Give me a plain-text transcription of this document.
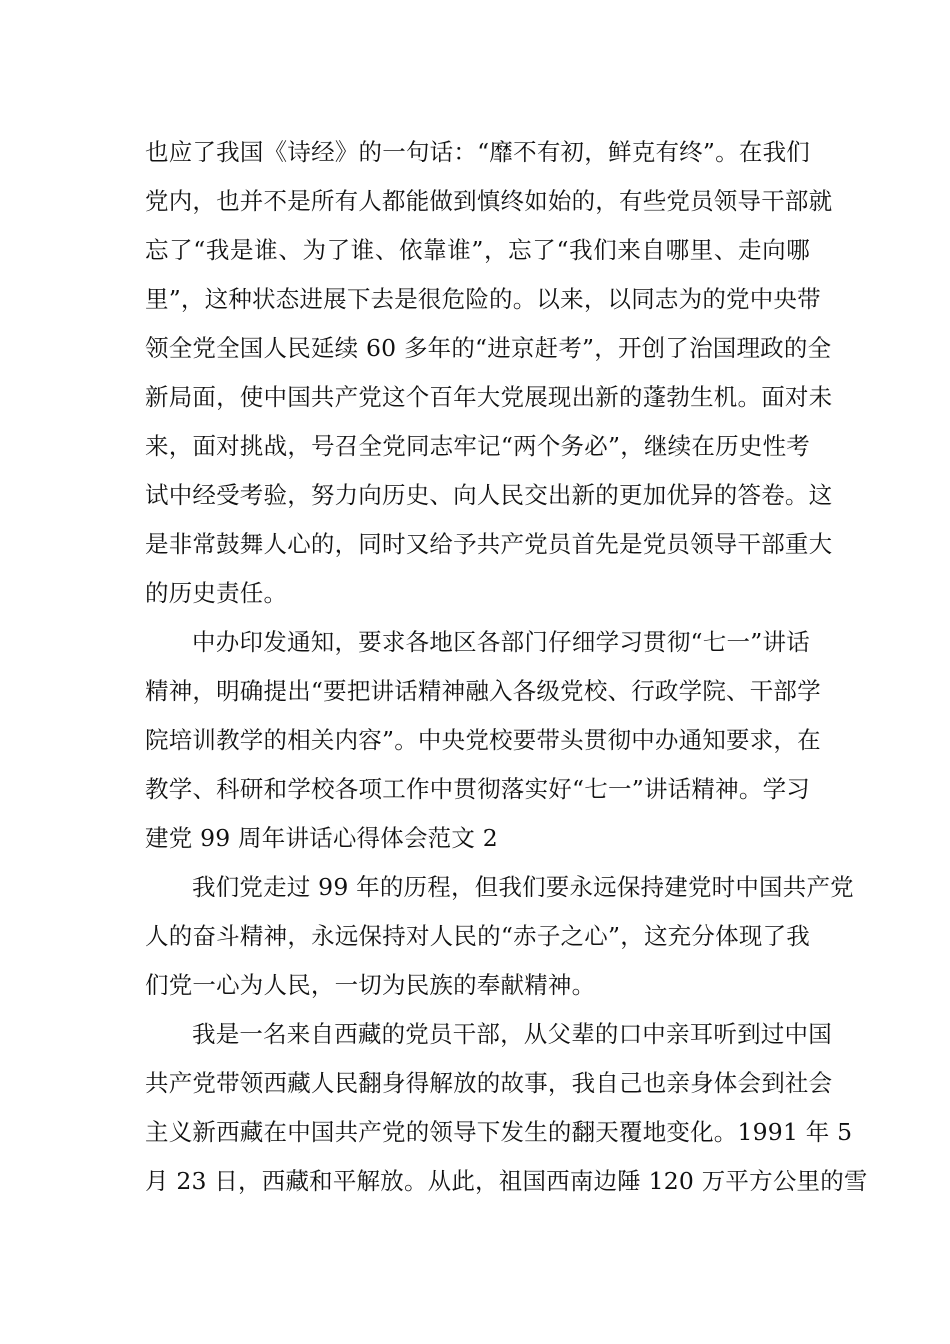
也应了我国《诗经》的一句话：“靡不有初，鲜克有终”。在我们
党内，也并不是所有人都能做到慎终如始的，有些党员领导干部就
忘了“我是谁、为了谁、依靠谁”，忘了“我们来自哪里、走向哪
里”，这种状态进展下去是很危险的。以来，以同志为的党中央带
领全党全国人民延续 60 多年的“进京赶考”，开创了治国理政的全
新局面，使中国共产党这个百年大党展现出新的蓬勃生机。面对未
来，面对挑战，号召全党同志牢记“两个务必”，继续在历史性考
试中经受考验，努力向历史、向人民交出新的更加优异的答卷。这
是非常鼓舞人心的，同时又给予共产党员首先是党员领导干部重大
的历史责任。
中办印发通知，要求各地区各部门仔细学习贯彻“七一”讲话
精神，明确提出“要把讲话精神融入各级党校、行政学院、干部学
院培训教学的相关内容”。中央党校要带头贯彻中办通知要求，在
教学、科研和学校各项工作中贯彻落实好“七一”讲话精神。学习
建党 99 周年讲话心得体会范文 2
我们党走过 99 年的历程，但我们要永远保持建党时中国共产党
人的奋斗精神，永远保持对人民的“赤子之心”，这充分体现了我
们党一心为人民，一切为民族的奉献精神。
我是一名来自西藏的党员干部，从父辈的口中亲耳听到过中国
共产党带领西藏人民翻身得解放的故事，我自己也亲身体会到社会
主义新西藏在中国共产党的领导下发生的翻天覆地变化。1991 年 5
月 23 日，西藏和平解放。从此，祖国西南边陲 120 万平方公里的雪
